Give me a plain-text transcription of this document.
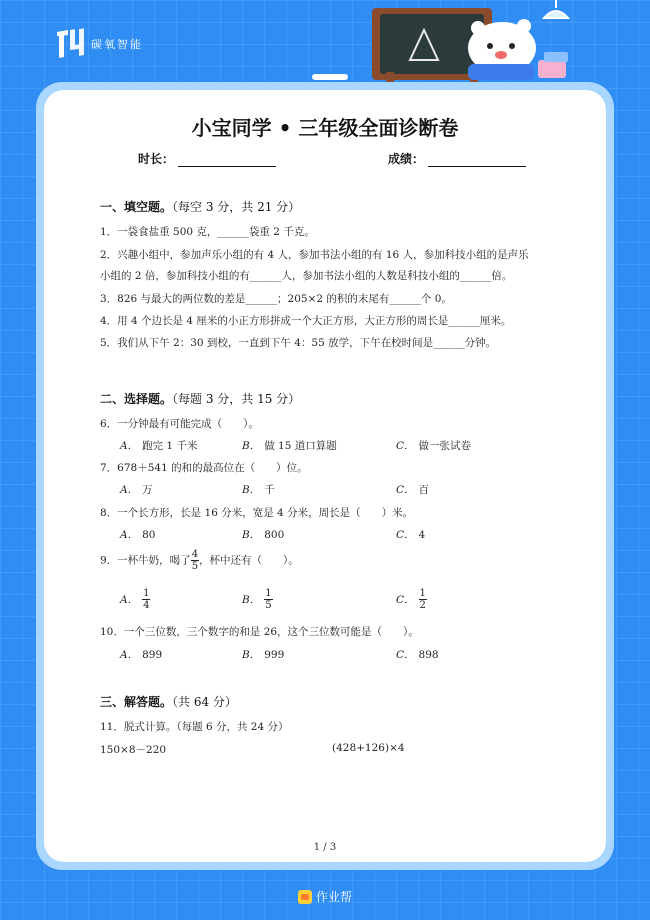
碳氧智能
小宝同学 • 三年级全面诊断卷
时长：	成绩：
一、填空题。（每空 3 分，共 21 分）
1．一袋食盐重 500 克，______袋重 2 千克。
2．兴趣小组中，参加声乐小组的有 4 人，参加书法小组的有 16 人，参加科技小组的是声乐
小组的 2 倍，参加科技小组的有______人，参加书法小组的人数是科技小组的______倍。
3．826 与最大的两位数的差是______；205×2 的积的末尾有______个 0。
4．用 4 个边长是 4 厘米的小正方形拼成一个大正方形，大正方形的周长是______厘米。
5．我们从下午 2：30 到校，一直到下午 4：55 放学，下午在校时间是______分钟。
二、选择题。（每题 3 分，共 15 分）
6．一分钟最有可能完成（　　）。
A． 跑完 1 千米	B． 做 15 道口算题	C． 做一张试卷
7．678＋541 的和的最高位在（　　）位。
A． 万	B． 千	C． 百
8．一个长方形，长是 16 分米，宽是 4 分米，周长是（　　）米。
A． 80	B． 800	C． 4
9．一杯牛奶，喝了 $\frac{4}{5}$ ，杯中还有（　　）。
A． $\frac{1}{4}$	B． $\frac{1}{5}$	C． $\frac{1}{2}$
10．一个三位数，三个数字的和是 26，这个三位数可能是（　　）。
A． 899	B． 999	C． 898
三、解答题。（共 64 分）
11．脱式计算。（每题 6 分，共 24 分）
150×8－220	(428+126)×4
1 / 3
作业帮
